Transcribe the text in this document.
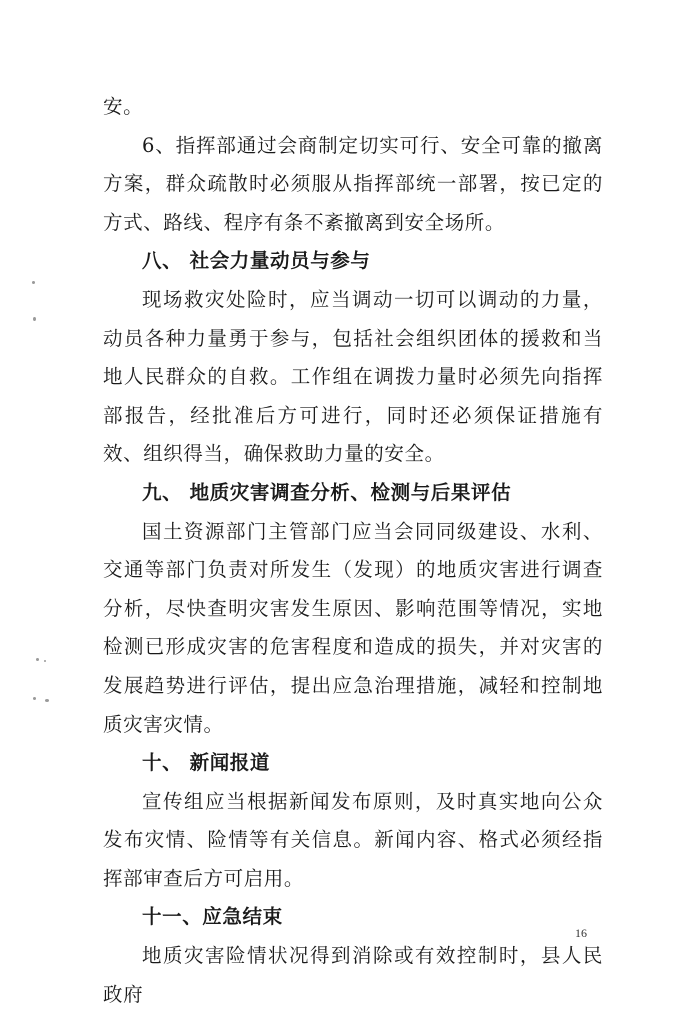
安。

6、指挥部通过会商制定切实可行、安全可靠的撤离方案，群众疏散时必须服从指挥部统一部署，按已定的方式、路线、程序有条不紊撤离到安全场所。

八、 社会力量动员与参与

现场救灾处险时，应当调动一切可以调动的力量，动员各种力量勇于参与，包括社会组织团体的援救和当地人民群众的自救。工作组在调拨力量时必须先向指挥部报告，经批准后方可进行，同时还必须保证措施有效、组织得当，确保救助力量的安全。

九、 地质灾害调查分析、检测与后果评估

国土资源部门主管部门应当会同同级建设、水利、交通等部门负责对所发生（发现）的地质灾害进行调查分析，尽快查明灾害发生原因、影响范围等情况，实地检测已形成灾害的危害程度和造成的损失，并对灾害的发展趋势进行评估，提出应急治理措施，减轻和控制地质灾害灾情。

十、 新闻报道

宣传组应当根据新闻发布原则，及时真实地向公众发布灾情、险情等有关信息。新闻内容、格式必须经指挥部审查后方可启用。

十一、应急结束

地质灾害险情状况得到消除或有效控制时，县人民政府

16
